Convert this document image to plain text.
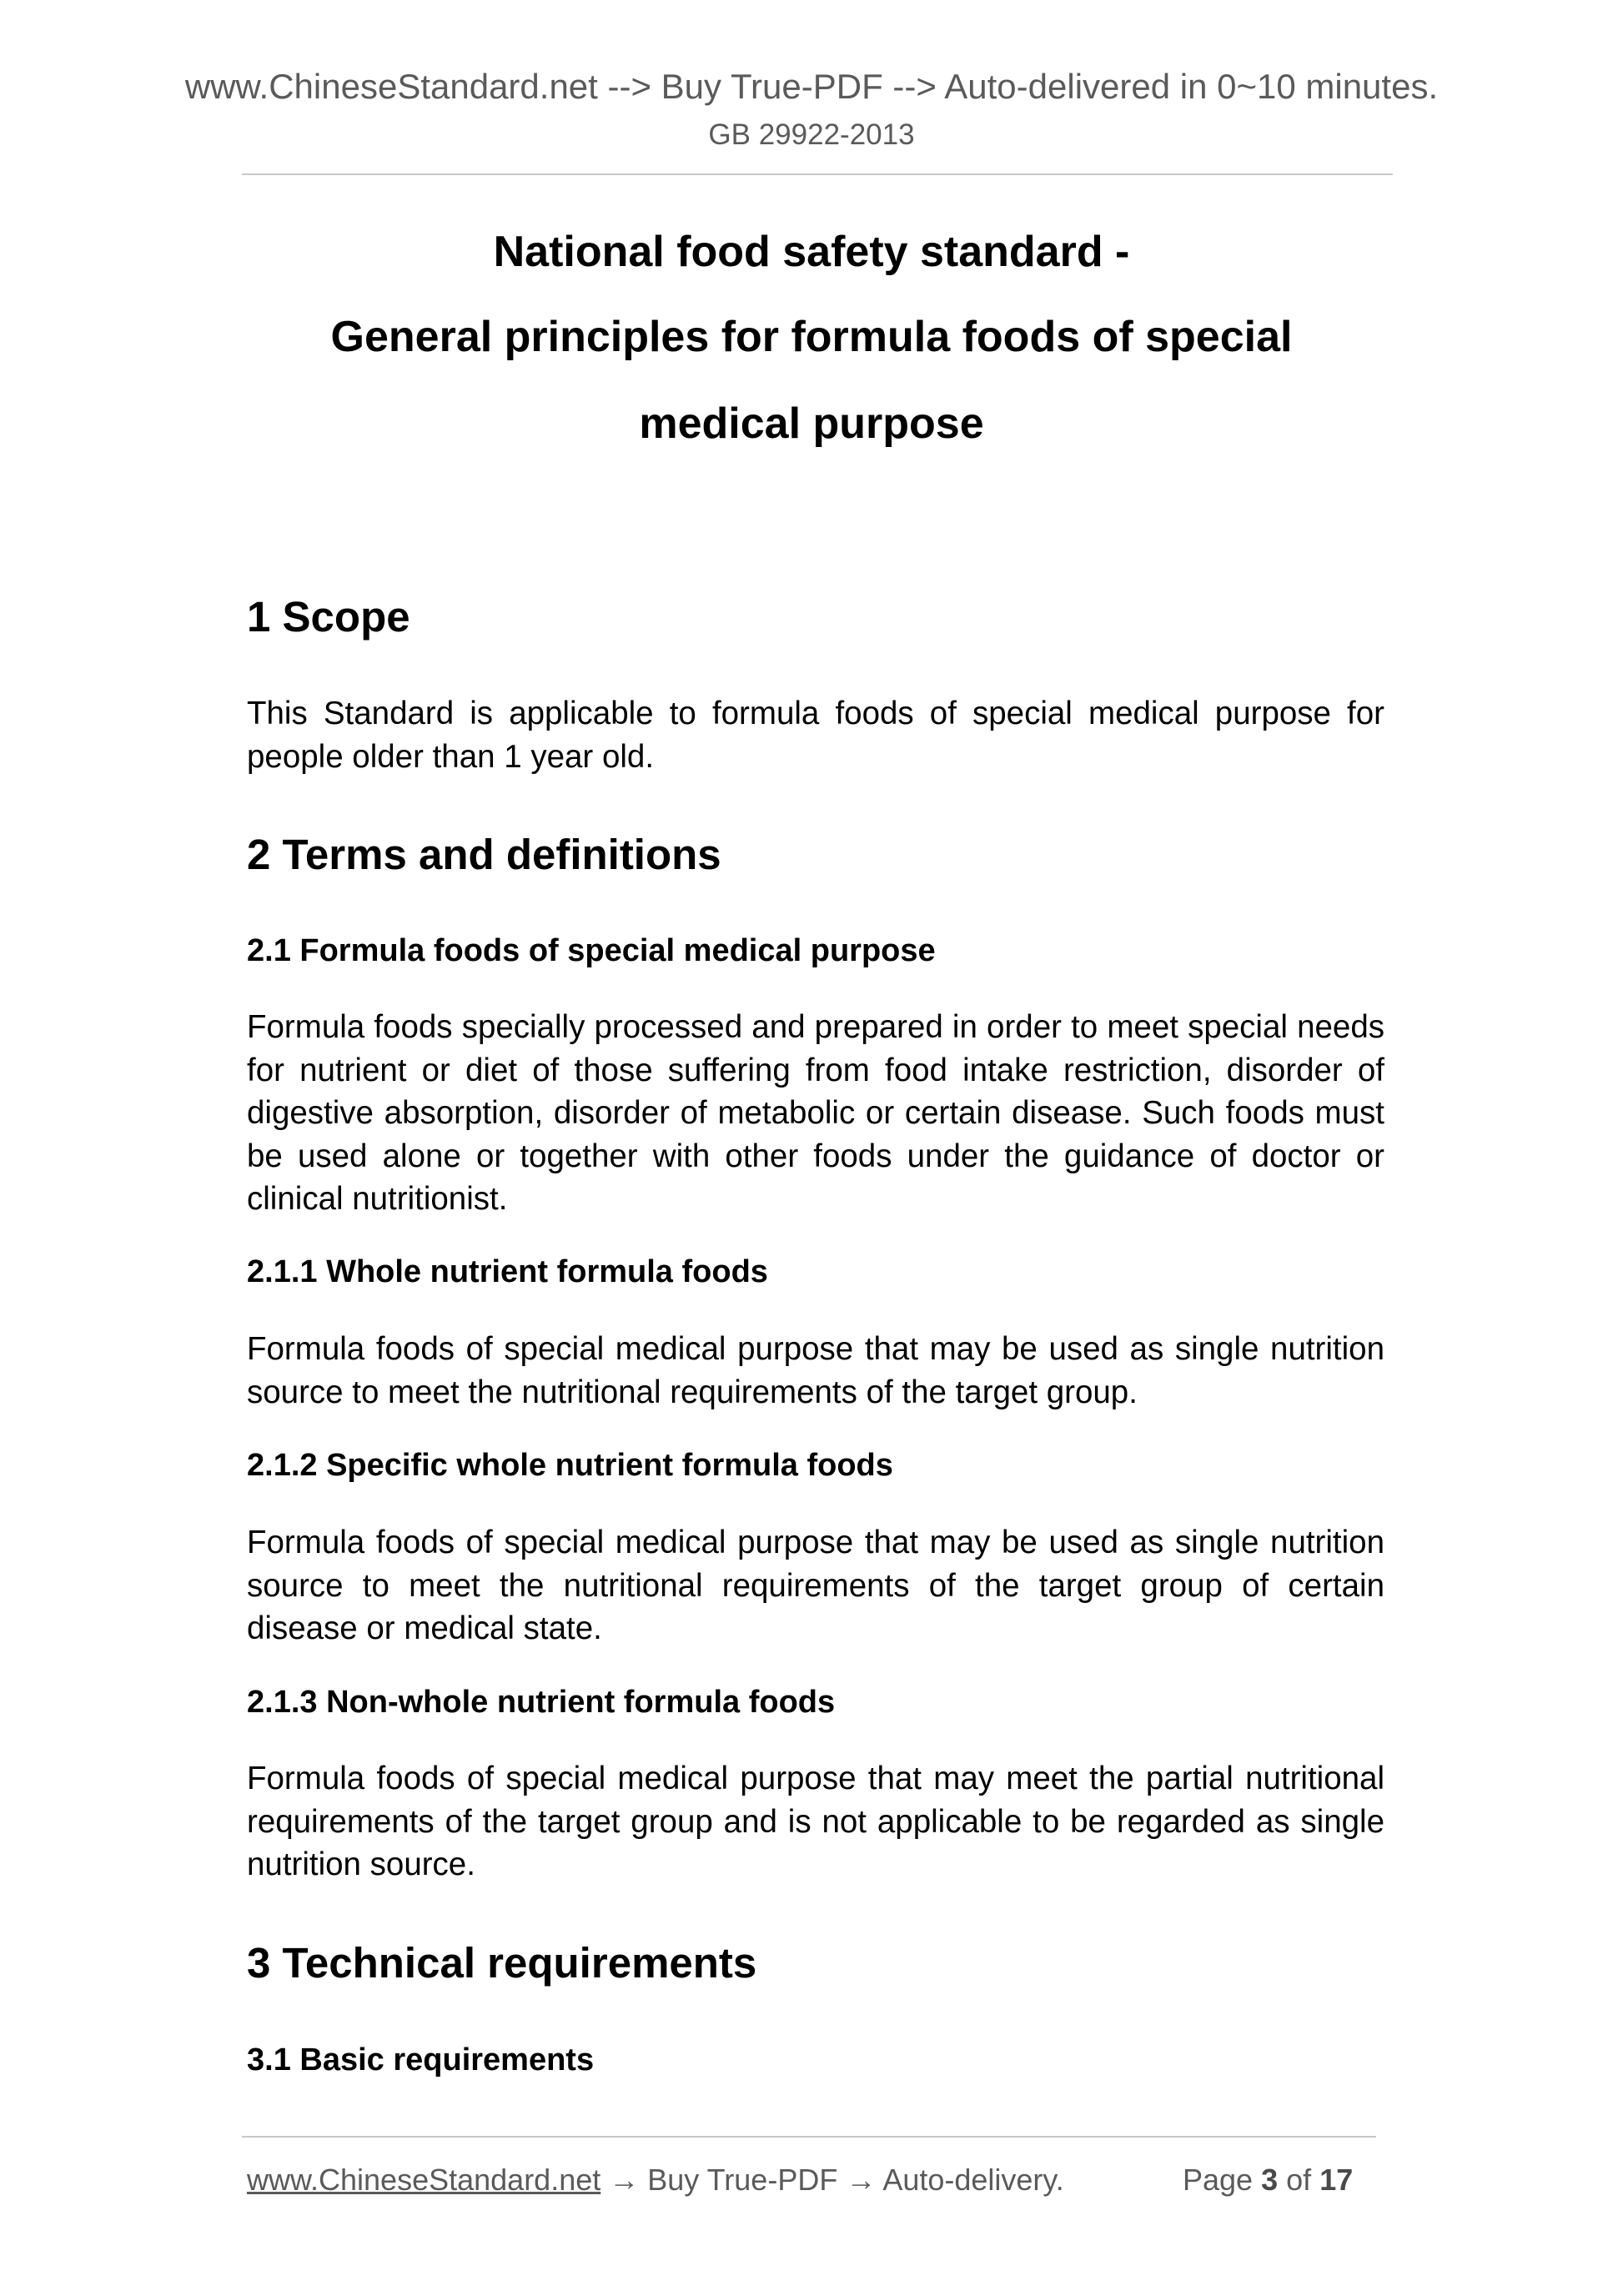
www.ChineseStandard.net --> Buy True-PDF --> Auto-delivered in 0~10 minutes.
GB 29922-2013
National food safety standard -
General principles for formula foods of special
medical purpose
1 Scope
This Standard is applicable to formula foods of special medical purpose for people older than 1 year old.
2 Terms and definitions
2.1 Formula foods of special medical purpose
Formula foods specially processed and prepared in order to meet special needs for nutrient or diet of those suffering from food intake restriction, disorder of digestive absorption, disorder of metabolic or certain disease. Such foods must be used alone or together with other foods under the guidance of doctor or clinical nutritionist.
2.1.1 Whole nutrient formula foods
Formula foods of special medical purpose that may be used as single nutrition source to meet the nutritional requirements of the target group.
2.1.2 Specific whole nutrient formula foods
Formula foods of special medical purpose that may be used as single nutrition source to meet the nutritional requirements of the target group of certain disease or medical state.
2.1.3 Non-whole nutrient formula foods
Formula foods of special medical purpose that may meet the partial nutritional requirements of the target group and is not applicable to be regarded as single nutrition source.
3 Technical requirements
3.1 Basic requirements
www.ChineseStandard.net → Buy True-PDF → Auto-delivery.	Page 3 of 17
